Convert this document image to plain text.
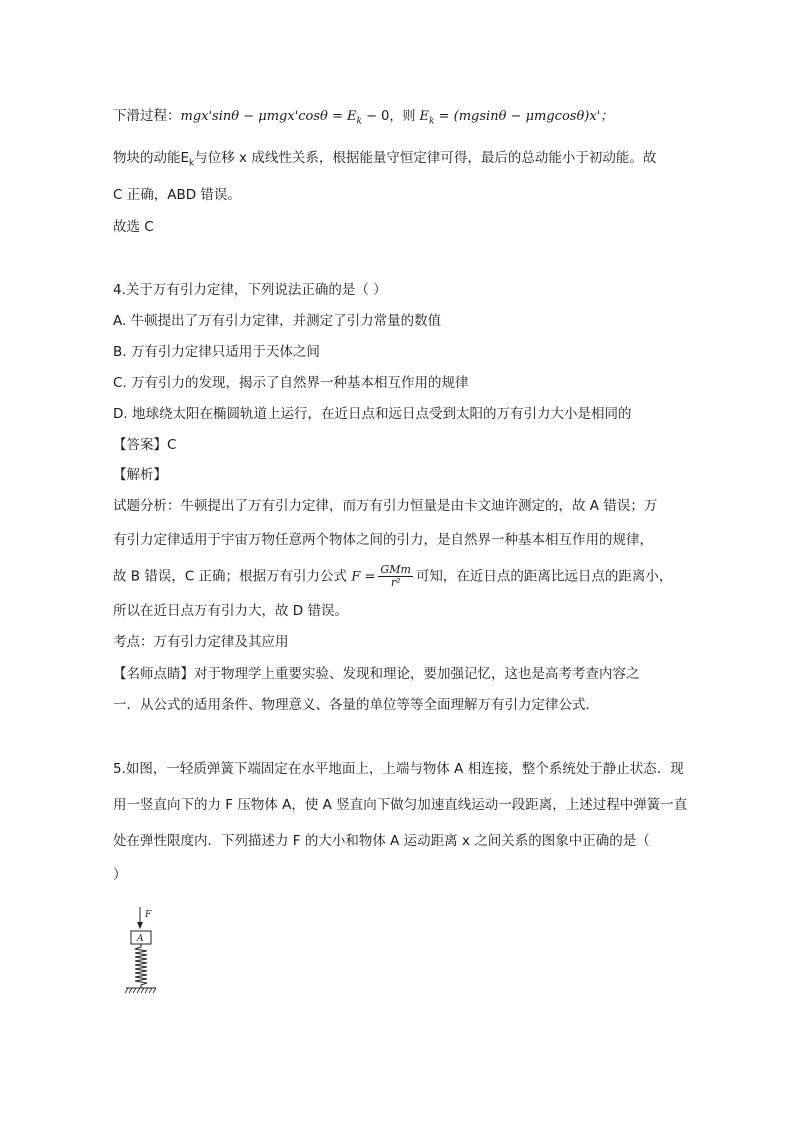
下滑过程：$mgx'\sin\theta - \mu mgx'\cos\theta = E_k - 0$，则 $E_k = (mgsin\theta - \mu mgcos\theta)x'$；
物块的动能$E_k$与位移 x 成线性关系，根据能量守恒定律可得，最后的总动能小于初动能。故
C 正确，ABD 错误。
故选 C
4.关于万有引力定律，下列说法正确的是（ ）
A. 牛顿提出了万有引力定律，并测定了引力常量的数值
B. 万有引力定律只适用于天体之间
C. 万有引力的发现，揭示了自然界一种基本相互作用的规律
D. 地球绕太阳在椭圆轨道上运行，在近日点和远日点受到太阳的万有引力大小是相同的
【答案】C
【解析】
试题分析：牛顿提出了万有引力定律，而万有引力恒量是由卡文迪许测定的，故 A 错误；万
有引力定律适用于宇宙万物任意两个物体之间的引力，是自然界一种基本相互作用的规律，
故 B 错误，C 正确；根据万有引力公式 $F = \frac{\text{GMm}}{\text{r²}}$ 可知，在近日点的距离比远日点的距离小，
所以在近日点万有引力大，故 D 错误。
考点：万有引力定律及其应用
【名师点睛】对于物理学上重要实验、发现和理论，要加强记忆，这也是高考考查内容之
一．从公式的适用条件、物理意义、各量的单位等等全面理解万有引力定律公式．
5.如图，一轻质弹簧下端固定在水平地面上，上端与物体 A 相连接，整个系统处于静止状态．现
用一竖直向下的力 F 压物体 A，使 A 竖直向下做匀加速直线运动一段距离，上述过程中弹簧一直
处在弹性限度内．下列描述力 F 的大小和物体 A 运动距离 x 之间关系的图象中正确的是（
）
F
A
